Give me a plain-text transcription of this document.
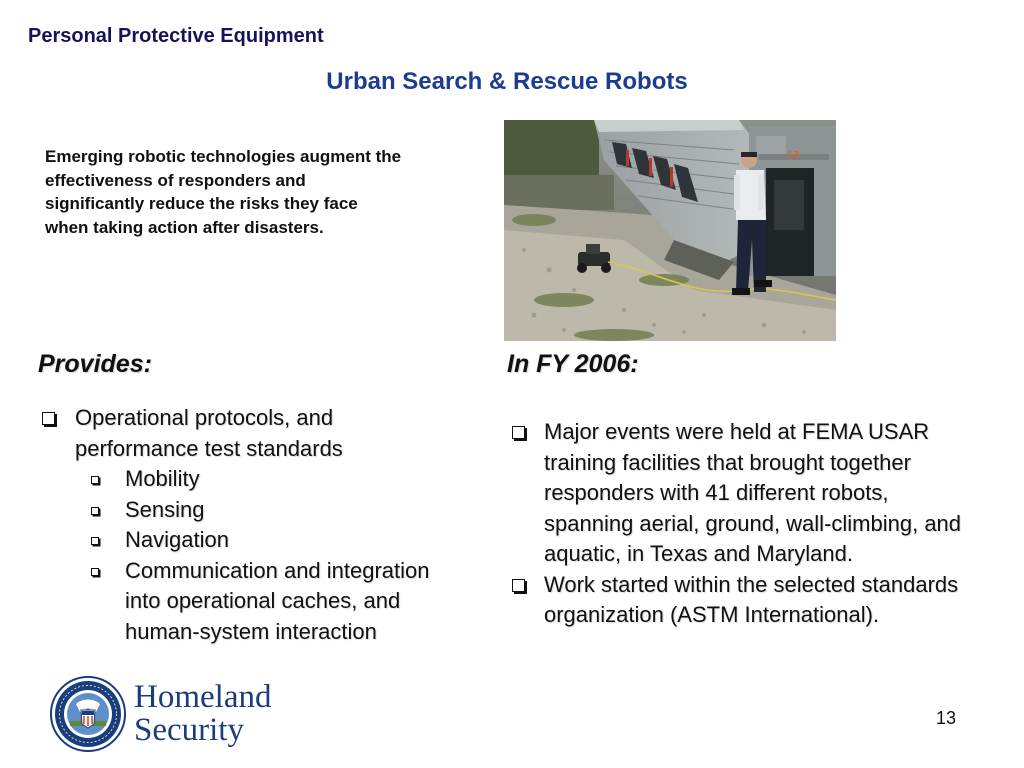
Personal Protective Equipment
Urban Search & Rescue Robots
Emerging robotic technologies augment the effectiveness of responders and significantly reduce the risks they face when taking action after disasters.
13
Provides:
Operational protocols, and performance test standards
Mobility
Sensing
Navigation
Communication and integration into operational caches, and human-system interaction
In FY 2006:
Major events were held at FEMA USAR training facilities that brought together responders with 41 different robots, spanning aerial, ground, wall-climbing, and aquatic, in Texas and Maryland.
Work started within the selected standards organization (ASTM International).
Homeland
Security	13
